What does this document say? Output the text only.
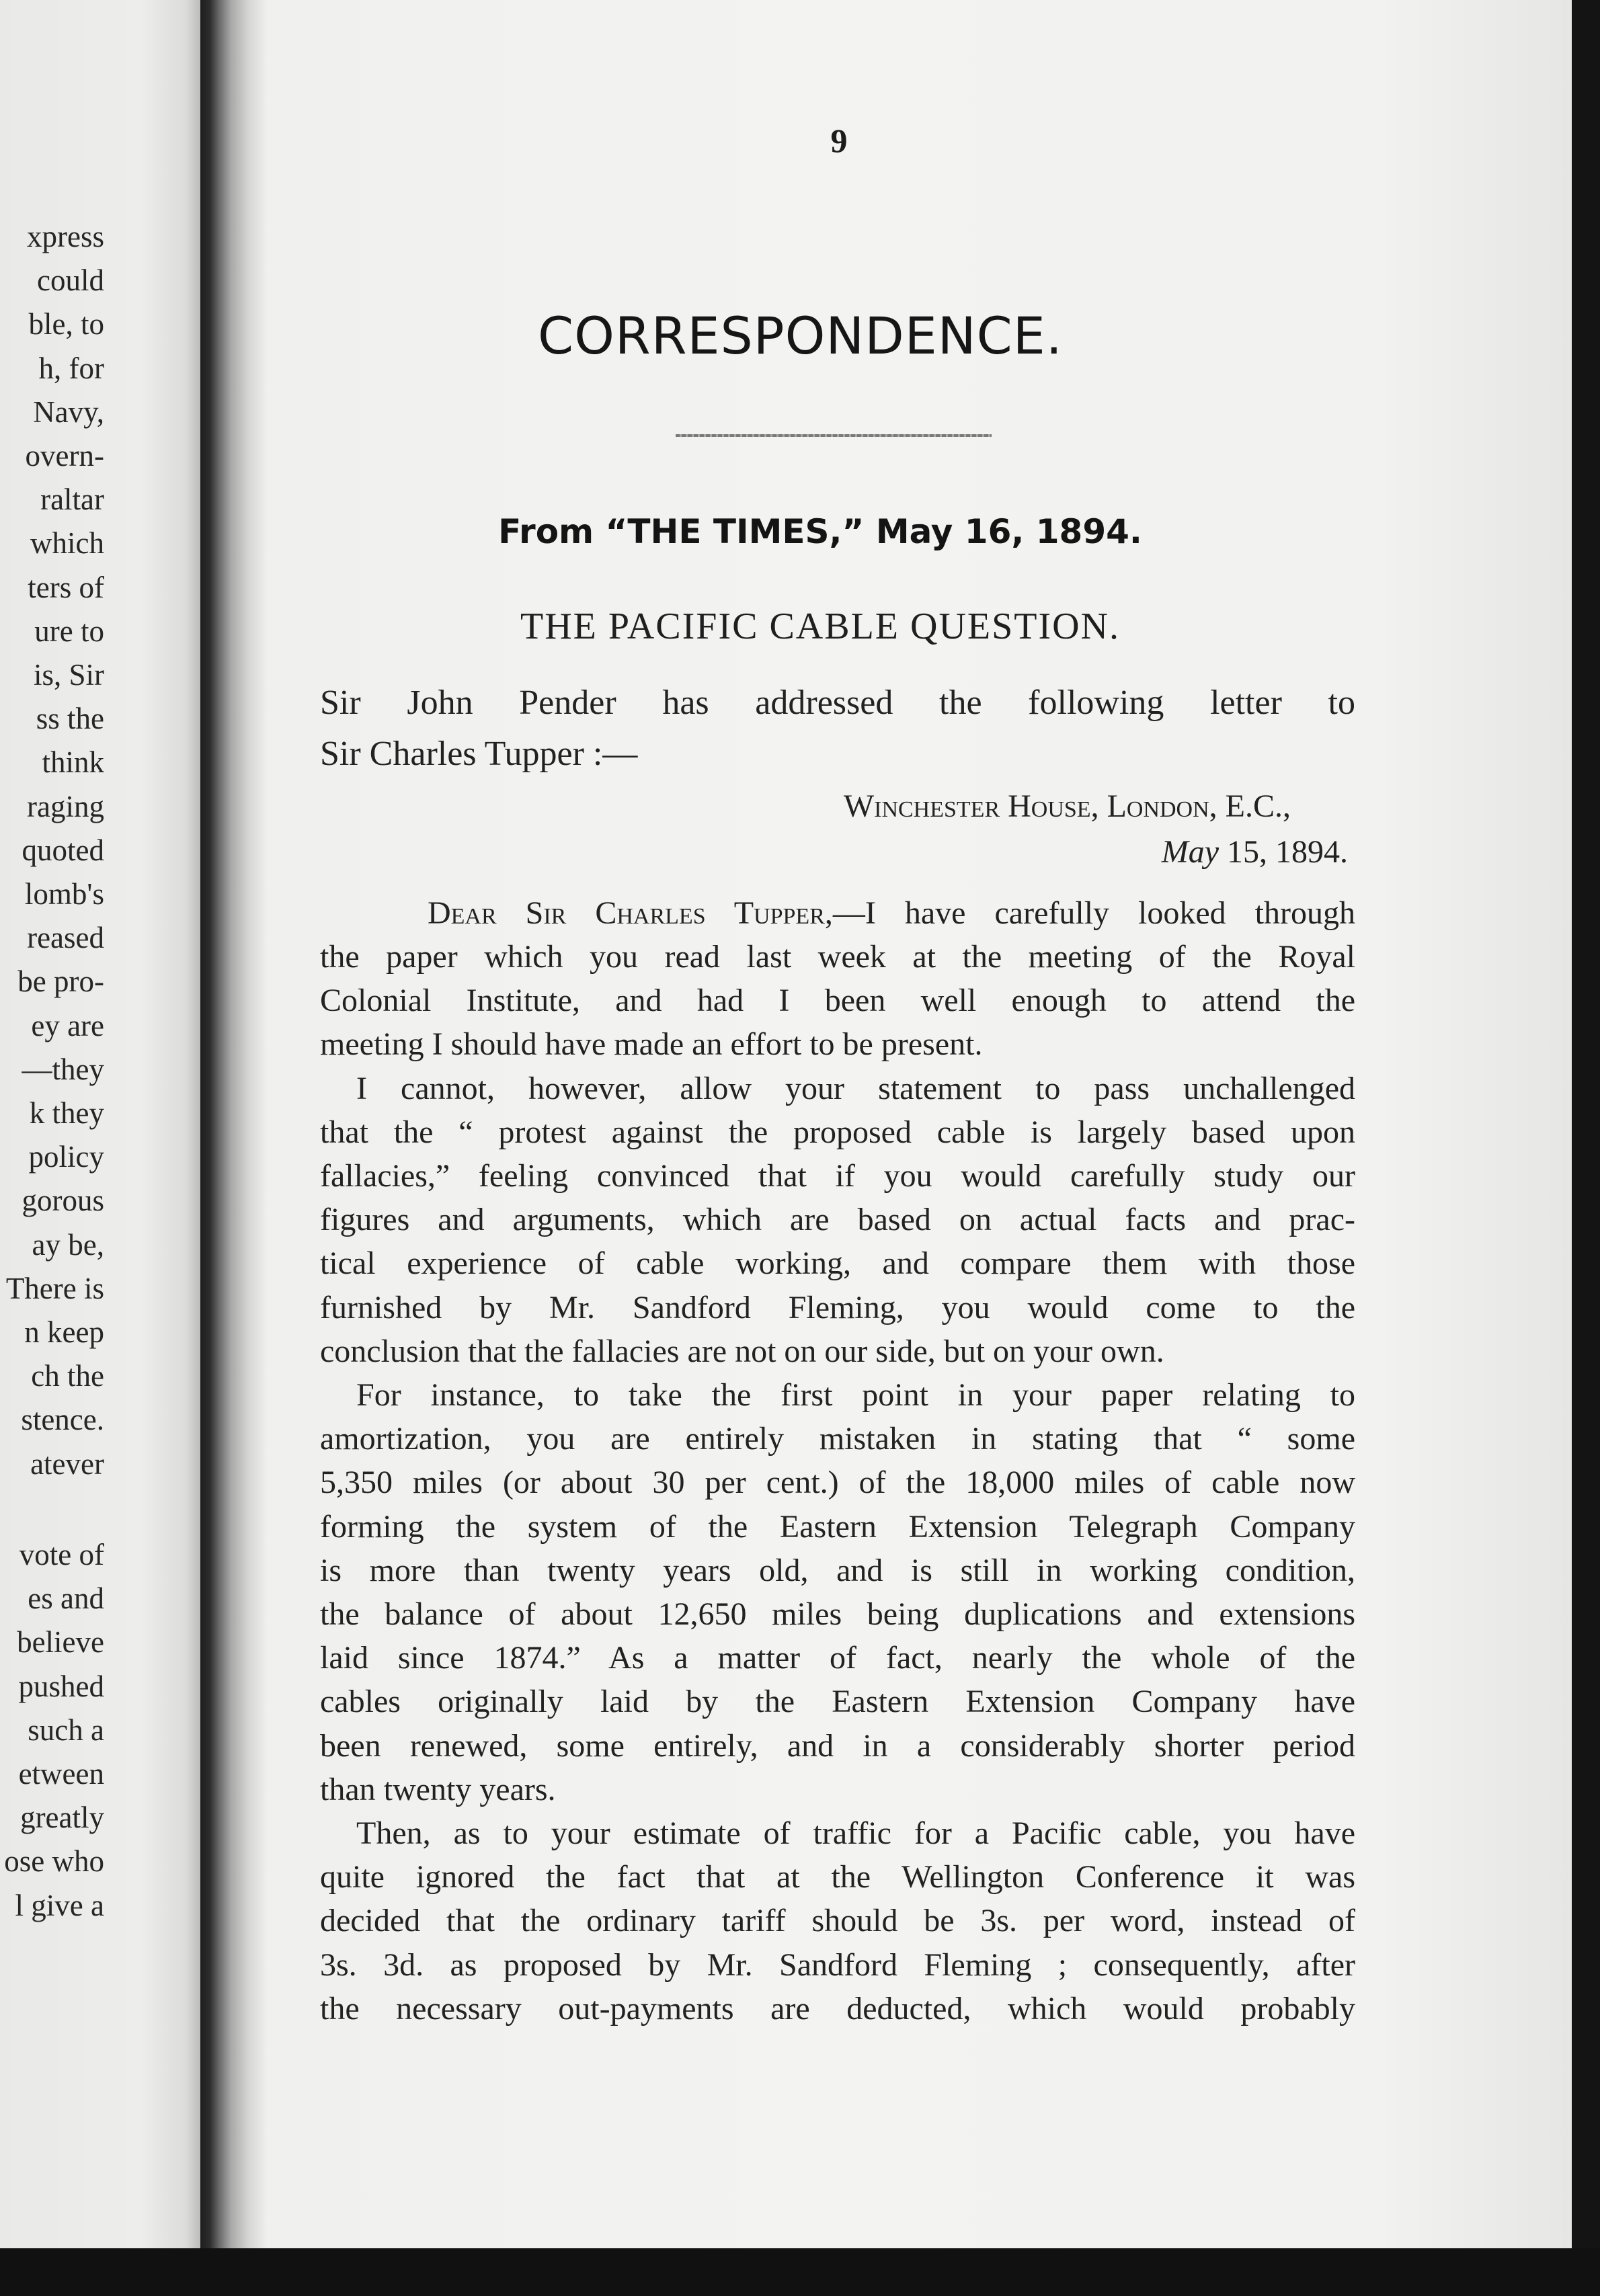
xpress
could
ble, to
h, for
Navy,
overn-
raltar
which
ters of
ure to
is, Sir
ss the
think
raging
quoted
lomb's
reased
be pro-
ey are
—they
k they
policy
gorous
ay be,
There is
n keep
ch the
stence.
atever
vote of
es and
believe
pushed
such a
etween
greatly
ose who
l give a
9
CORRESPONDENCE.
From “THE TIMES,” May 16, 1894.
THE PACIFIC CABLE QUESTION.
Sir John Pender has addressed the following letter to
Sir Charles Tupper :—
Winchester House, London, E.C.,
May 15, 1894.
Dear Sir Charles Tupper,—I have carefully looked through
the paper which you read last week at the meeting of the Royal
Colonial Institute, and had I been well enough to attend the
meeting I should have made an effort to be present.
I cannot, however, allow your statement to pass unchallenged
that the “ protest against the proposed cable is largely based upon
fallacies,” feeling convinced that if you would carefully study our
figures and arguments, which are based on actual facts and prac-
tical experience of cable working, and compare them with those
furnished by Mr. Sandford Fleming, you would come to the
conclusion that the fallacies are not on our side, but on your own.
For instance, to take the first point in your paper relating to
amortization, you are entirely mistaken in stating that “ some
5,350 miles (or about 30 per cent.) of the 18,000 miles of cable now
forming the system of the Eastern Extension Telegraph Company
is more than twenty years old, and is still in working condition,
the balance of about 12,650 miles being duplications and extensions
laid since 1874.” As a matter of fact, nearly the whole of the
cables originally laid by the Eastern Extension Company have
been renewed, some entirely, and in a considerably shorter period
than twenty years.
Then, as to your estimate of traffic for a Pacific cable, you have
quite ignored the fact that at the Wellington Conference it was
decided that the ordinary tariff should be 3s. per word, instead of
3s. 3d. as proposed by Mr. Sandford Fleming ; consequently, after
the necessary out-payments are deducted, which would probably
